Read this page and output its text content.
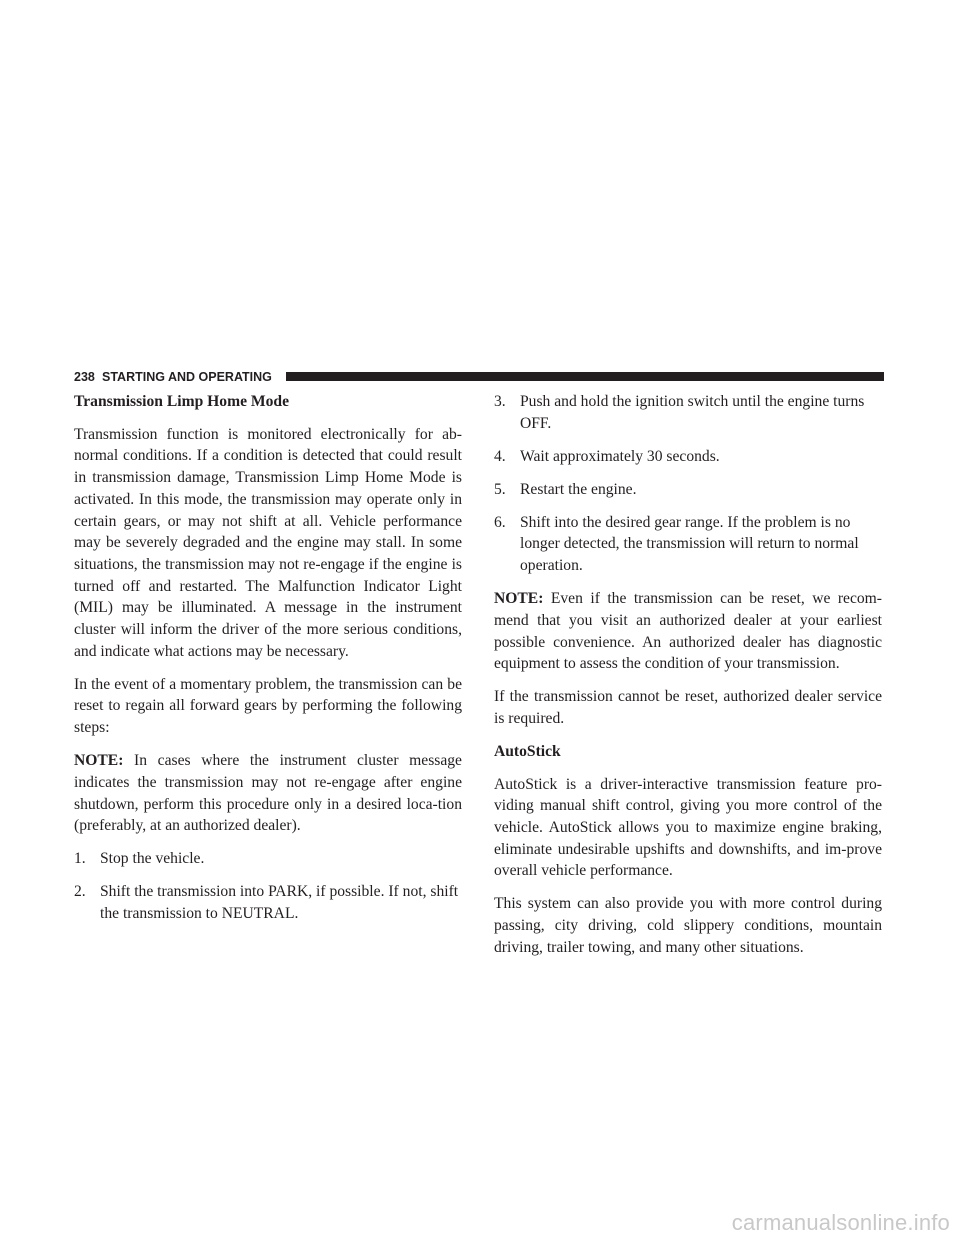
238 STARTING AND OPERATING
Transmission Limp Home Mode

Transmission function is monitored electronically for ab-normal conditions. If a condition is detected that could result in transmission damage, Transmission Limp Home Mode is activated. In this mode, the transmission may operate only in certain gears, or may not shift at all. Vehicle performance may be severely degraded and the engine may stall. In some situations, the transmission may not re-engage if the engine is turned off and restarted. The Malfunction Indicator Light (MIL) may be illuminated. A message in the instrument cluster will inform the driver of the more serious conditions, and indicate what actions may be necessary.

In the event of a momentary problem, the transmission can be reset to regain all forward gears by performing the following steps:

NOTE: In cases where the instrument cluster message indicates the transmission may not re-engage after engine shutdown, perform this procedure only in a desired loca-tion (preferably, at an authorized dealer).

1. Stop the vehicle.

2. Shift the transmission into PARK, if possible. If not, shift the transmission to NEUTRAL.

3. Push and hold the ignition switch until the engine turns OFF.

4. Wait approximately 30 seconds.

5. Restart the engine.

6. Shift into the desired gear range. If the problem is no longer detected, the transmission will return to normal operation.

NOTE: Even if the transmission can be reset, we recom-mend that you visit an authorized dealer at your earliest possible convenience. An authorized dealer has diagnostic equipment to assess the condition of your transmission.

If the transmission cannot be reset, authorized dealer service is required.

AutoStick

AutoStick is a driver-interactive transmission feature pro-viding manual shift control, giving you more control of the vehicle. AutoStick allows you to maximize engine braking, eliminate undesirable upshifts and downshifts, and im-prove overall vehicle performance.

This system can also provide you with more control during passing, city driving, cold slippery conditions, mountain driving, trailer towing, and many other situations.

carmanualsonline.info
